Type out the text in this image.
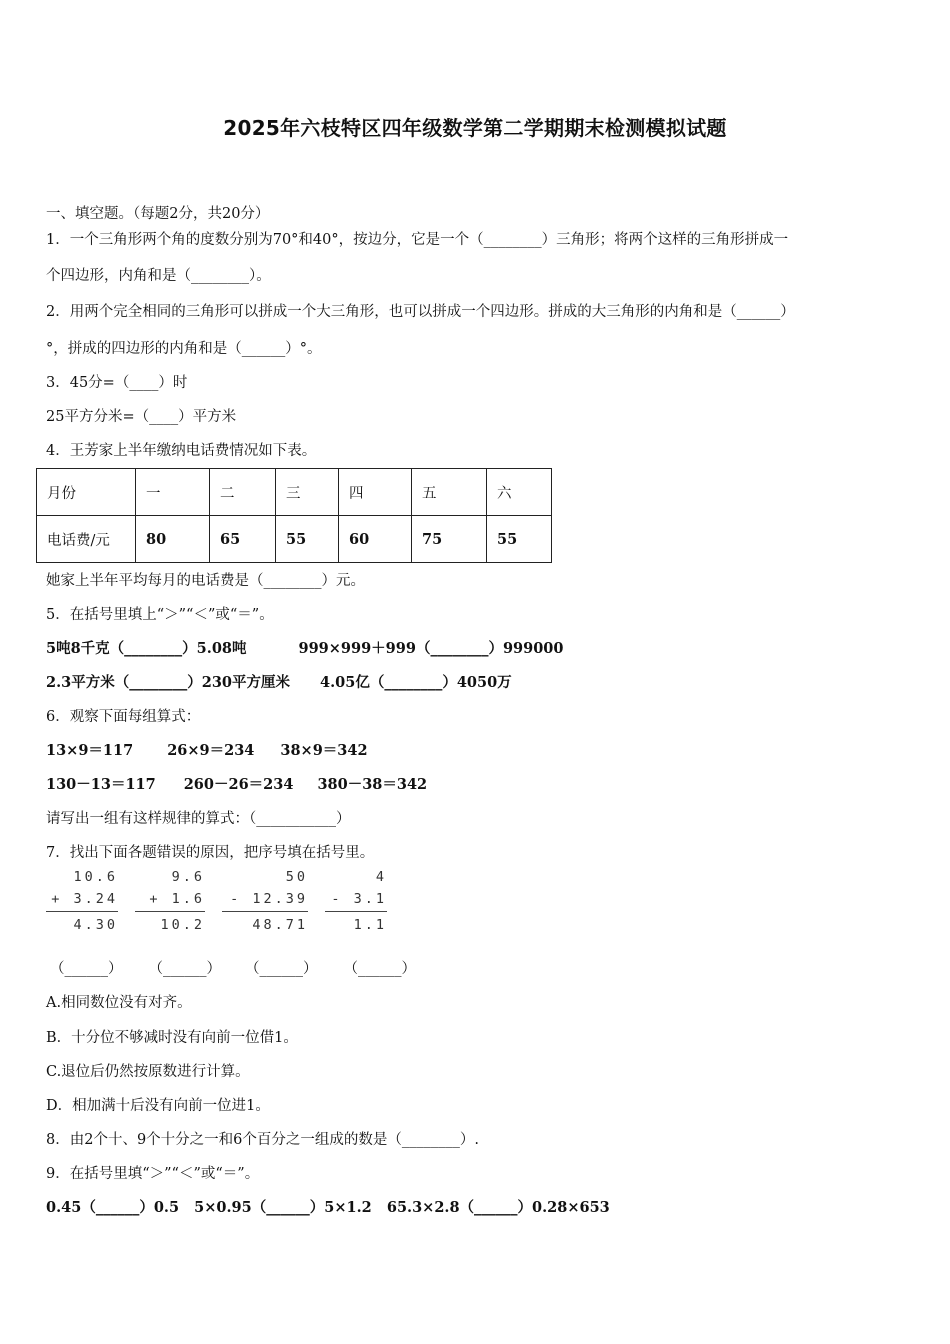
2025年六枝特区四年级数学第二学期期末检测模拟试题
一、填空题。（每题2分，共20分）
1．一个三角形两个角的度数分别为70°和40°，按边分，它是一个（________）三角形；将两个这样的三角形拼成一
个四边形，内角和是（________）。
2．用两个完全相同的三角形可以拼成一个大三角形，也可以拼成一个四边形。拼成的大三角形的内角和是（______）
°，拼成的四边形的内角和是（______）°。
3．45分=（____）时
25平方分米=（____）平方米
4．王芳家上半年缴纳电话费情况如下表。
月份	一	二	三	四	五	六
电话费/元	80	65	55	60	75	55
她家上半年平均每月的电话费是（________）元。
5．在括号里填上“＞”“＜”或“＝”。
5吨8千克（________）5.08吨	999×999＋999（________）999000
2.3平方米（________）230平方厘米 4.05亿（________）4050万
6．观察下面每组算式：
13×9＝117 26×9＝234 38×9＝342
130－13＝117 260－26＝234 380－38＝342
请写出一组有这样规律的算式：（___________）
7．找出下面各题错误的原因，把序号填在括号里。
10.6
+ 3.24
4.30
9.6
+ 1.6
10.2
50
- 12.39
48.71
4
- 3.1
1.1
（______） （______） （______） （______）
A.相同数位没有对齐。
B．十分位不够减时没有向前一位借1。
C.退位后仍然按原数进行计算。
D．相加满十后没有向前一位进1。
8．由2个十、9个十分之一和6个百分之一组成的数是（________）.
9．在括号里填“＞”“＜”或“＝”。
0.45（______）0.5   5×0.95（______）5×1.2   65.3×2.8（______）0.28×653
